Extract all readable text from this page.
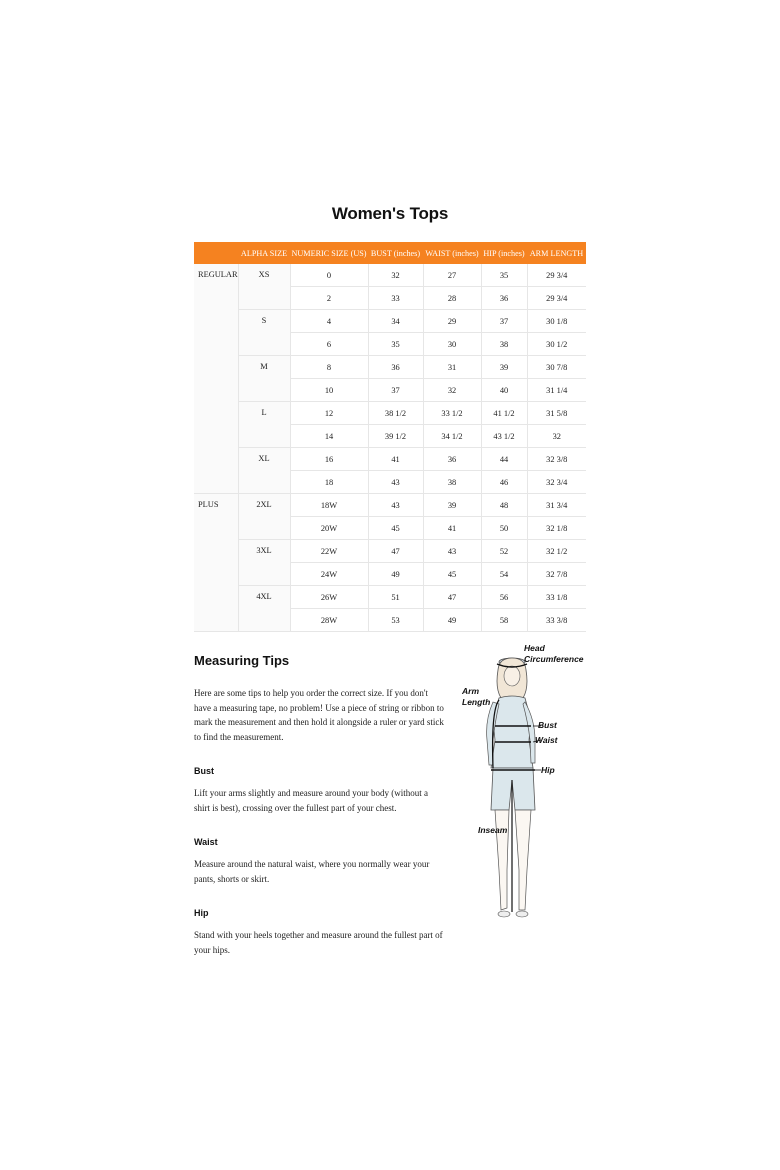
Women's Tops
	ALPHA SIZE	NUMERIC SIZE (US)	BUST (inches)	WAIST (inches)	HIP (inches)	ARM LENGTH
REGULAR	XS	0	32	27	35	29 3/4
		2	33	28	36	29 3/4
	S	4	34	29	37	30 1/8
		6	35	30	38	30 1/2
	M	8	36	31	39	30 7/8
		10	37	32	40	31 1/4
	L	12	38 1/2	33 1/2	41 1/2	31 5/8
		14	39 1/2	34 1/2	43 1/2	32
	XL	16	41	36	44	32 3/8
		18	43	38	46	32 3/4
PLUS	2XL	18W	43	39	48	31 3/4
		20W	45	41	50	32 1/8
	3XL	22W	47	43	52	32 1/2
		24W	49	45	54	32 7/8
	4XL	26W	51	47	56	33 1/8
		28W	53	49	58	33 3/8
Measuring Tips
Here are some tips to help you order the correct size. If you don't have a measuring tape, no problem! Use a piece of string or ribbon to mark the measurement and then hold it alongside a ruler or yard stick to find the measurement.
Bust
Lift your arms slightly and measure around your body (without a shirt is best), crossing over the fullest part of your chest.
Waist
Measure around the natural waist, where you normally wear your pants, shorts or skirt.
Hip
Stand with your heels together and measure around the fullest part of your hips.
Head Circumference
Arm Length
Bust
Waist
Hip
Inseam
